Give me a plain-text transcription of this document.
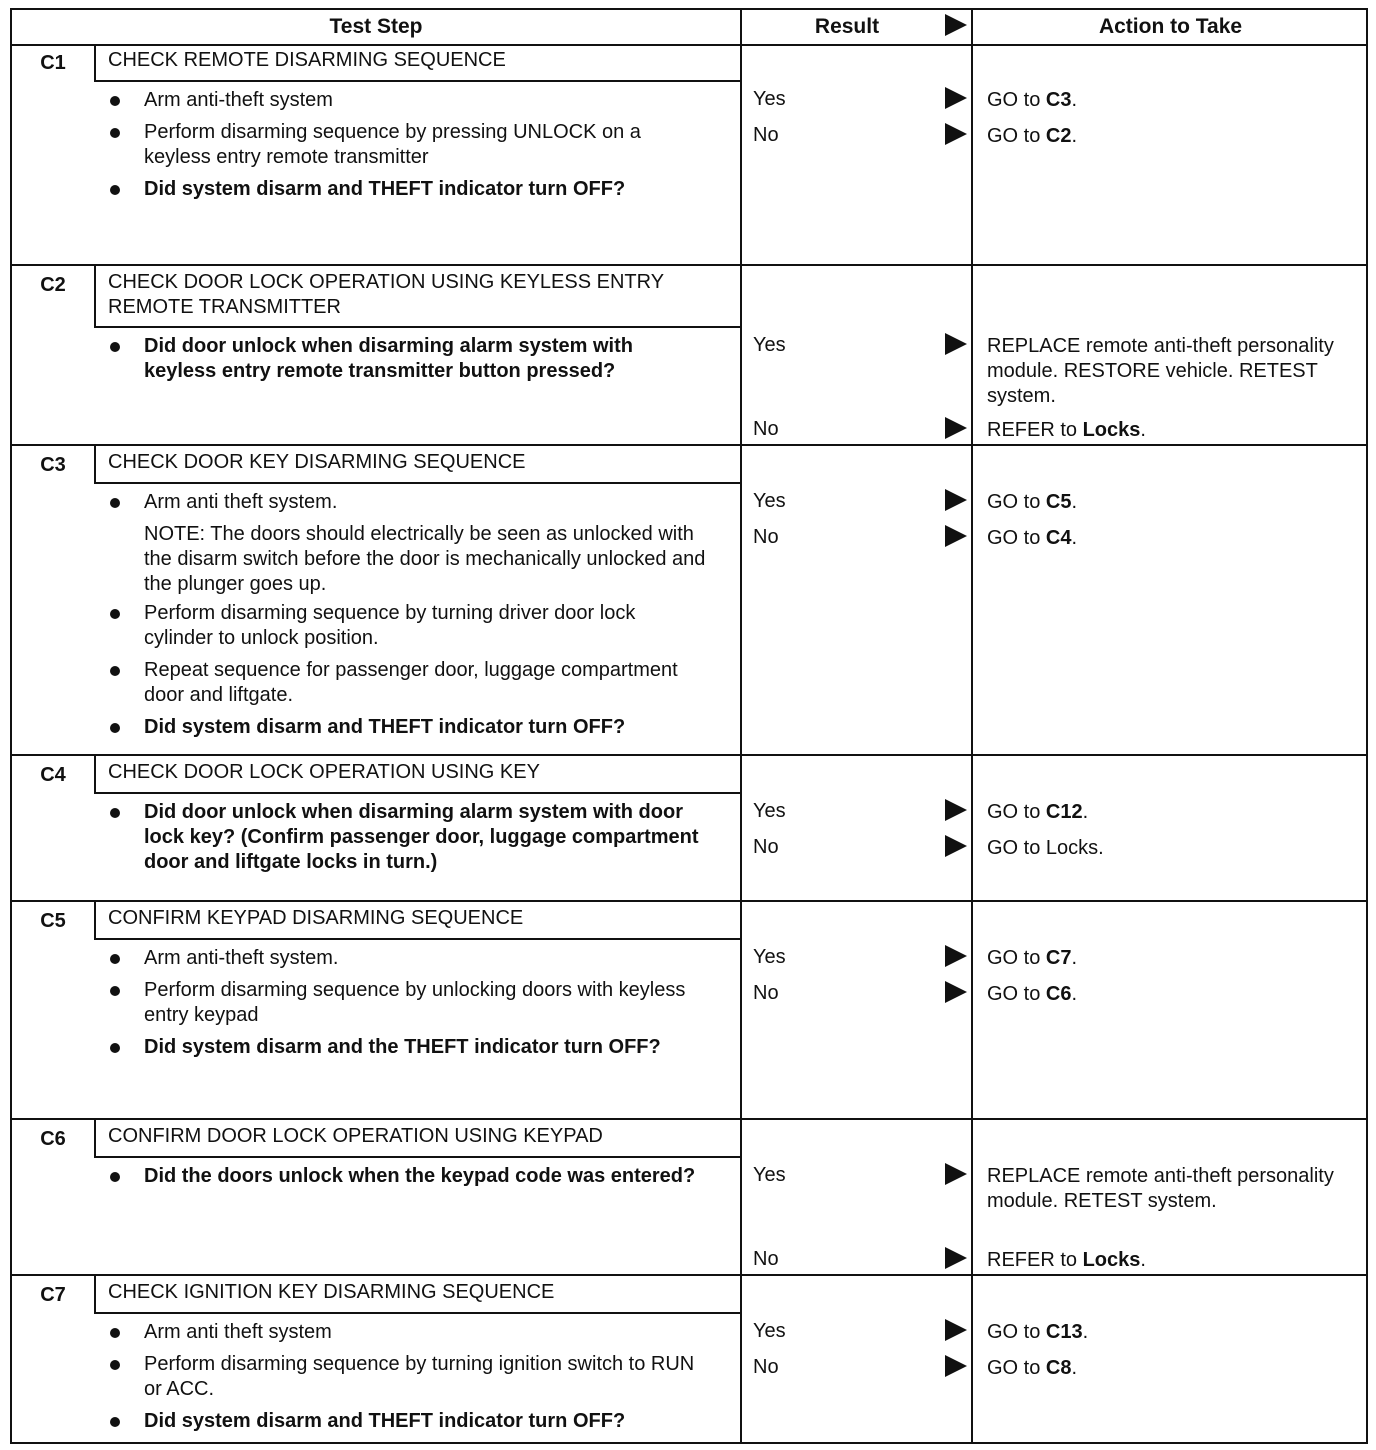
Test Step	Result	Action to Take
C1	CHECK REMOTE DISARMING SEQUENCE
Arm anti-theft system
Perform disarming sequence by pressing UNLOCK on a keyless entry remote transmitter
Did system disarm and THEFT indicator turn OFF?
Yes	GO to C3.
No	GO to C2.
C2	CHECK DOOR LOCK OPERATION USING KEYLESS ENTRY REMOTE TRANSMITTER
Did door unlock when disarming alarm system with keyless entry remote transmitter button pressed?
Yes	REPLACE remote anti-theft personality module. RESTORE vehicle. RETEST system.
No	REFER to Locks.
C3	CHECK DOOR KEY DISARMING SEQUENCE
Arm anti theft system.
NOTE: The doors should electrically be seen as unlocked with the disarm switch before the door is mechanically unlocked and the plunger goes up.
Perform disarming sequence by turning driver door lock cylinder to unlock position.
Repeat sequence for passenger door, luggage compartment door and liftgate.
Did system disarm and THEFT indicator turn OFF?
Yes	GO to C5.
No	GO to C4.
C4	CHECK DOOR LOCK OPERATION USING KEY
Did door unlock when disarming alarm system with door lock key? (Confirm passenger door, luggage compartment door and liftgate locks in turn.)
Yes	GO to C12.
No	GO to Locks.
C5	CONFIRM KEYPAD DISARMING SEQUENCE
Arm anti-theft system.
Perform disarming sequence by unlocking doors with keyless entry keypad
Did system disarm and the THEFT indicator turn OFF?
Yes	GO to C7.
No	GO to C6.
C6	CONFIRM DOOR LOCK OPERATION USING KEYPAD
Did the doors unlock when the keypad code was entered?	Yes	REPLACE remote anti-theft personality module. RETEST system.
No	REFER to Locks.
C7	CHECK IGNITION KEY DISARMING SEQUENCE
Arm anti theft system
Perform disarming sequence by turning ignition switch to RUN or ACC.
Did system disarm and THEFT indicator turn OFF?
Yes	GO to C13.
No	GO to C8.
